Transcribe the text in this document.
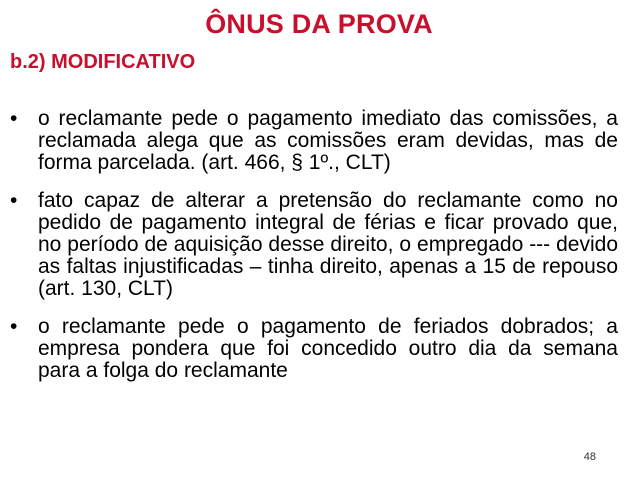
ÔNUS DA PROVA
b.2) MODIFICATIVO
• o reclamante pede o pagamento imediato das comissões, a reclamada alega que as comissões eram devidas, mas de forma parcelada. (art. 466, § 1º., CLT)
• fato capaz de alterar a pretensão do reclamante como no pedido de pagamento integral de férias e ficar provado que, no período de aquisição desse direito, o empregado --- devido as faltas injustificadas – tinha direito, apenas a 15 de repouso (art. 130, CLT)
• o reclamante pede o pagamento de feriados dobrados; a empresa pondera que foi concedido outro dia da semana para a folga do reclamante
48
